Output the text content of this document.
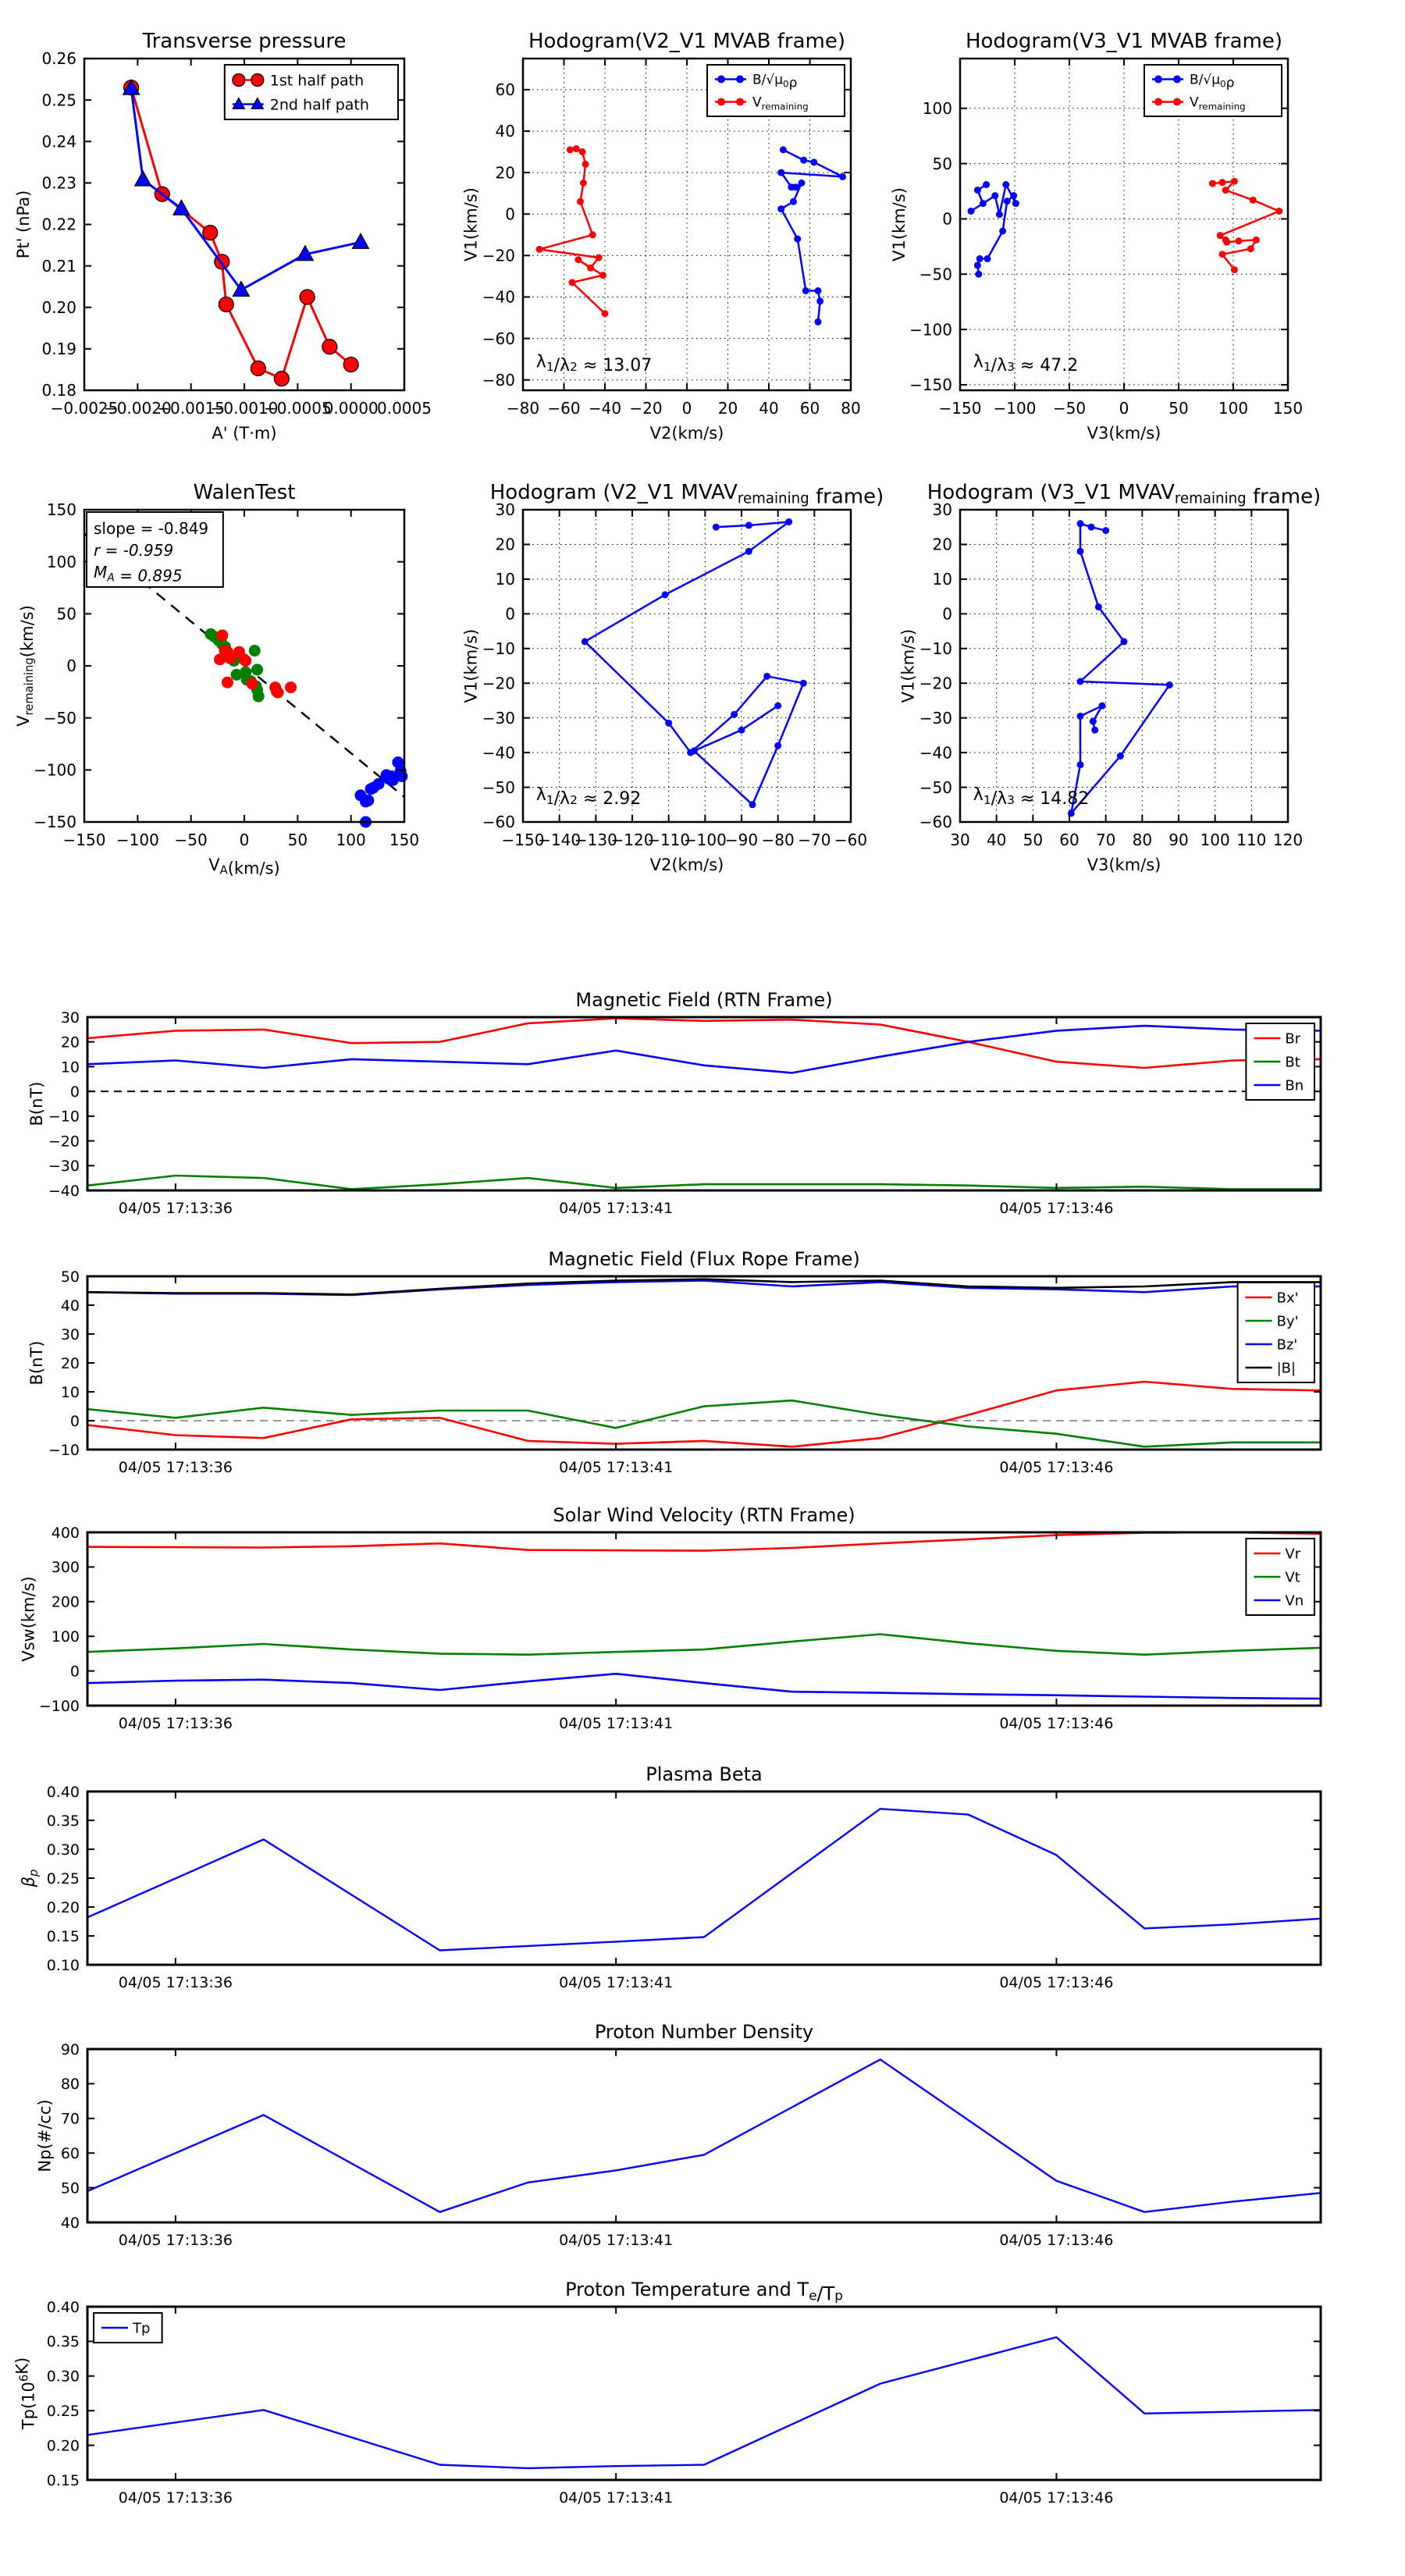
−0.0025
−0.0020
−0.0015
−0.0010
−0.0005
0.0000
0.0005
0.18
0.19
0.20
0.21
0.22
0.23
0.24
0.25
0.26
Transverse pressure
A' (T·m)
Pt' (nPa)
1st half path
2nd half path
−80 −60 −40 −20 0 20 40 60 80
−80
−60
−40
−20
0
20
40
60
Hodogram(V2_V1 MVAB frame)
V2(km/s)
V1(km/s)
$B/√\mu_0\rho$
$V_{remaining}$
$\lambda_1/\lambda 2 \approx 13.07$
−150 −100 −50 0	50 100 150
−150
−100
−50
0
50
100
Hodogram(V3_V1 MVAB frame)
V3(km/s)
V1(km/s)
$B/√\mu_0\rho$
$V_{remaining}$
$\lambda_1/\lambda 3 \approx 47.2$
−150 −100 −50 0 50 100 150
−150
−100
−50
0
50
100
150
WalenTest
$V_A(km/s)$
$V_{remaining}(km/s)$
slope = -0.849
r = -0.959
$M_A = 0.895$
−150
−140
−130
−120
−110
−100
−90 −80 −70 −60
−60
−50
−40
−30
−20
−10
0
10
20
30
Hodogram (V2_V1 $MVAV_{remaining}$ frame)
V2(km/s)
V1(km/s)
$\lambda_1/\lambda 2 \approx 2.92$
30 40 50 60 70 80 90 100 110 120
−60
−50
−40
−30
−20
−10
0
10
20
30
Hodogram (V3_V1 $MVAV_{remaining}$ frame)
V3(km/s)
V1(km/s)
$\lambda_1/\lambda 3 \approx 14.82$
04/05 17:13:36	04/05 17:13:41	04/05 17:13:46
−40
−30
−20
−10
0
10
20
30
Magnetic Field (RTN Frame)
B(nT)
Br
Bt
Bn
04/05 17:13:36	04/05 17:13:41	04/05 17:13:46
−10
0
10
20
30
40
50
Magnetic Field (Flux Rope Frame)
B(nT)
Bx'
By'
Bz'
|B|
04/05 17:13:36	04/05 17:13:41	04/05 17:13:46
−100
0
100
200
300
400
Solar Wind Velocity (RTN Frame)
Vsw(km/s)
Vr
Vt
Vn
04/05 17:13:36	04/05 17:13:41	04/05 17:13:46
0.10
0.15
0.20
0.25
0.30
0.35
0.40
Plasma Beta
$\beta_p$
04/05 17:13:36	04/05 17:13:41	04/05 17:13:46
40
50
60
70
80
90
Proton Number Density
Np(#/cc)
04/05 17:13:36	04/05 17:13:41	04/05 17:13:46
0.15
0.20
0.25
0.30
0.35
0.40
Proton Temperature and $T_e/Tp$
$Tp(10^6K)$
Tp
